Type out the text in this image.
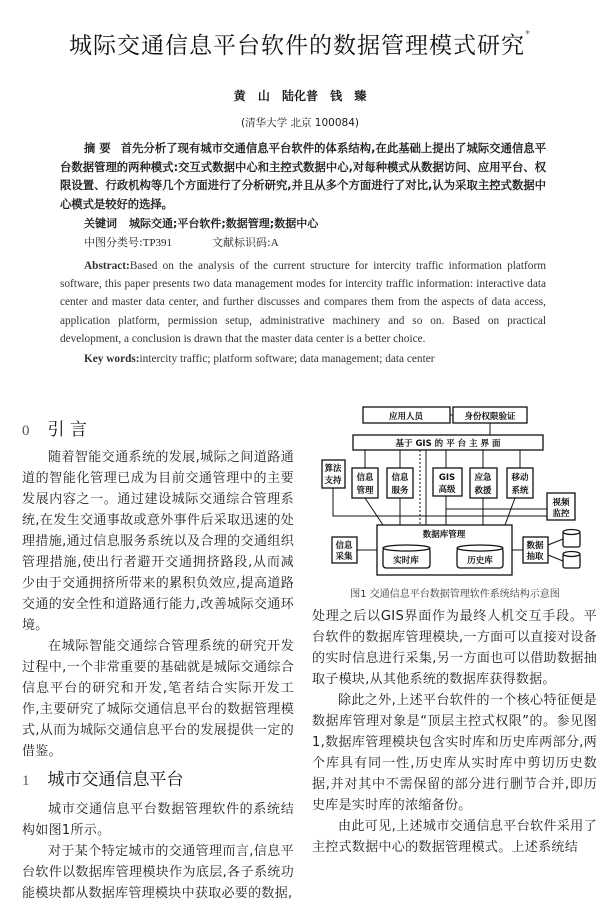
城际交通信息平台软件的数据管理模式研究*
黄 山 陆化普 钱 臻
(清华大学 北京 100084)
摘 要 首先分析了现有城市交通信息平台软件的体系结构,在此基础上提出了城际交通信息平台数据管理的两种模式:交互式数据中心和主控式数据中心,对每种模式从数据访问、应用平台、权限设置、行政机构等几个方面进行了分析研究,并且从多个方面进行了对比,认为采取主控式数据中心模式是较好的选择。
关键词 城际交通;平台软件;数据管理;数据中心
中图分类号:TP391	文献标识码:A
Abstract:Based on the analysis of the current structure for intercity traffic information platform software, this paper presents two data management modes for intercity traffic information: interactive data center and master data center, and further discusses and compares them from the aspects of data access, application platform, permission setup, administrative machinery and so on. Based on practical development, a conclusion is drawn that the master data center is a better choice.
Key words:intercity traffic; platform software; data management; data center
0 引 言
随着智能交通系统的发展,城际之间道路通道的智能化管理已成为目前交通管理中的主要发展内容之一。通过建设城际交通综合管理系统,在发生交通事故或意外事件后采取迅速的处理措施,通过信息服务系统以及合理的交通组织管理措施,使出行者避开交通拥挤路段,从而减少由于交通拥挤所带来的累积负效应,提高道路交通的安全性和道路通行能力,改善城际交通环境。
在城际智能交通综合管理系统的研究开发过程中,一个非常重要的基础就是城际交通综合信息平台的研究和开发,笔者结合实际开发工作,主要研究了城际交通信息平台的数据管理模式,从而为城际交通信息平台的发展提供一定的借鉴。
1 城市交通信息平台
城市交通信息平台数据管理软件的系统结构如图1所示。
对于某个特定城市的交通管理而言,信息平台软件以数据库管理模块作为底层,各子系统功能模块都从数据库管理模块中获取必要的数据,
应用人员	身份权限验证
基于 GIS 的 平 台 主 界 面
算法
支持 信息
管理
信息
服务
GIS
高级
应急
救援
移动
系统
视频
监控
数据库管理
实时库	历史库
信息
采集
数据
抽取
图1 交通信息平台数据管理软件系统结构示意图
处理之后以GIS界面作为最终人机交互手段。平台软件的数据库管理模块,一方面可以直接对设备的实时信息进行采集,另一方面也可以借助数据抽取子模块,从其他系统的数据库获得数据。
除此之外,上述平台软件的一个核心特征便是数据库管理对象是“顶层主控式权限”的。参见图1,数据库管理模块包含实时库和历史库两部分,两个库具有同一性,历史库从实时库中剪切历史数据,并对其中不需保留的部分进行删节合并,即历史库是实时库的浓缩备份。
由此可见,上述城市交通信息平台软件采用了主控式数据中心的数据管理模式。上述系统结
